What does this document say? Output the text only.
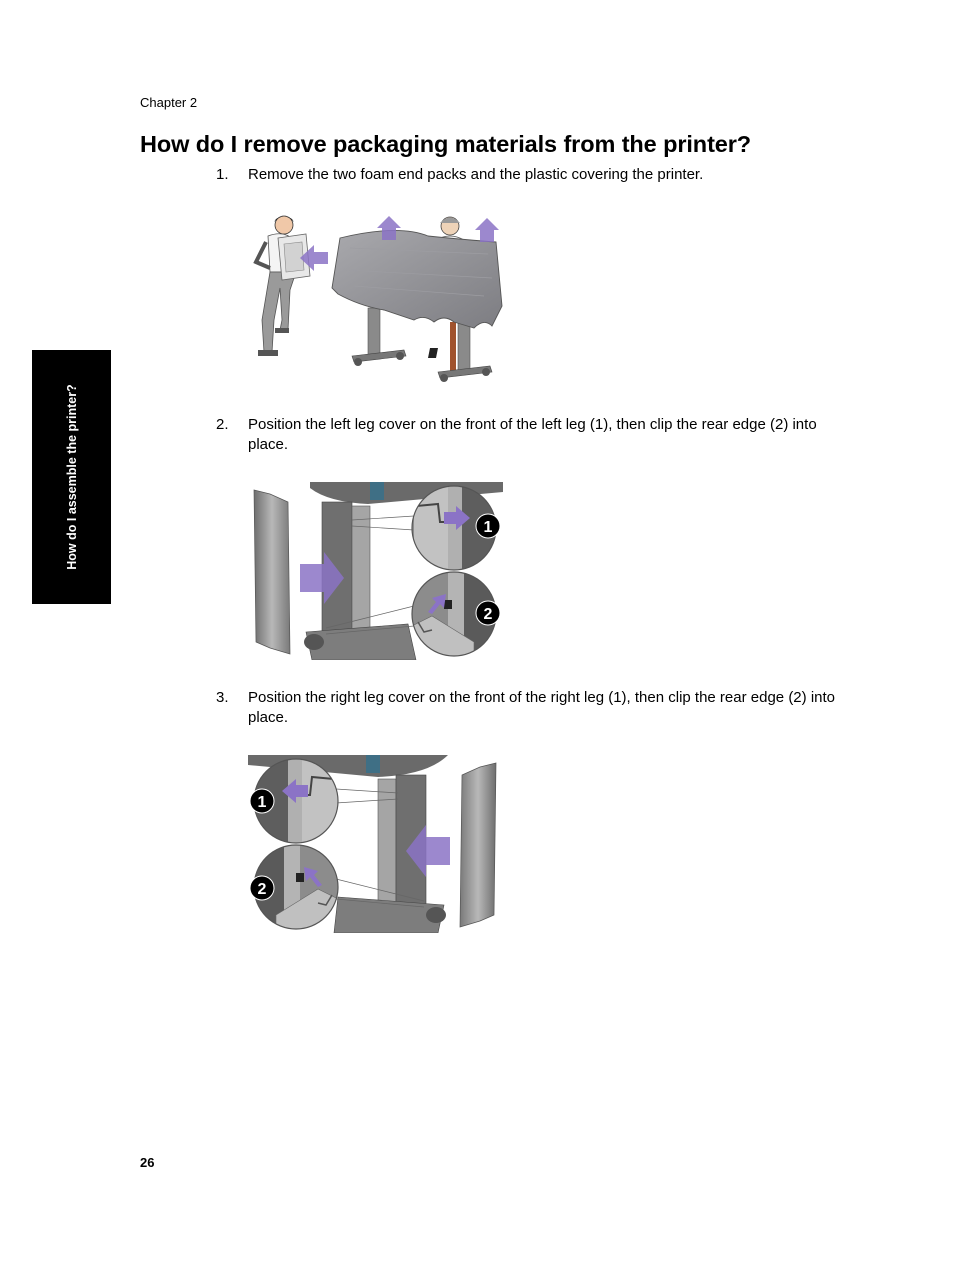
Chapter 2
How do I remove packaging materials from the printer?
How do I assemble the printer?
1. Remove the two foam end packs and the plastic covering the printer.
2. Position the left leg cover on the front of the left leg (1), then clip the rear edge (2) into place.
1
2
3. Position the right leg cover on the front of the right leg (1), then clip the rear edge (2) into place.
1
2
26
